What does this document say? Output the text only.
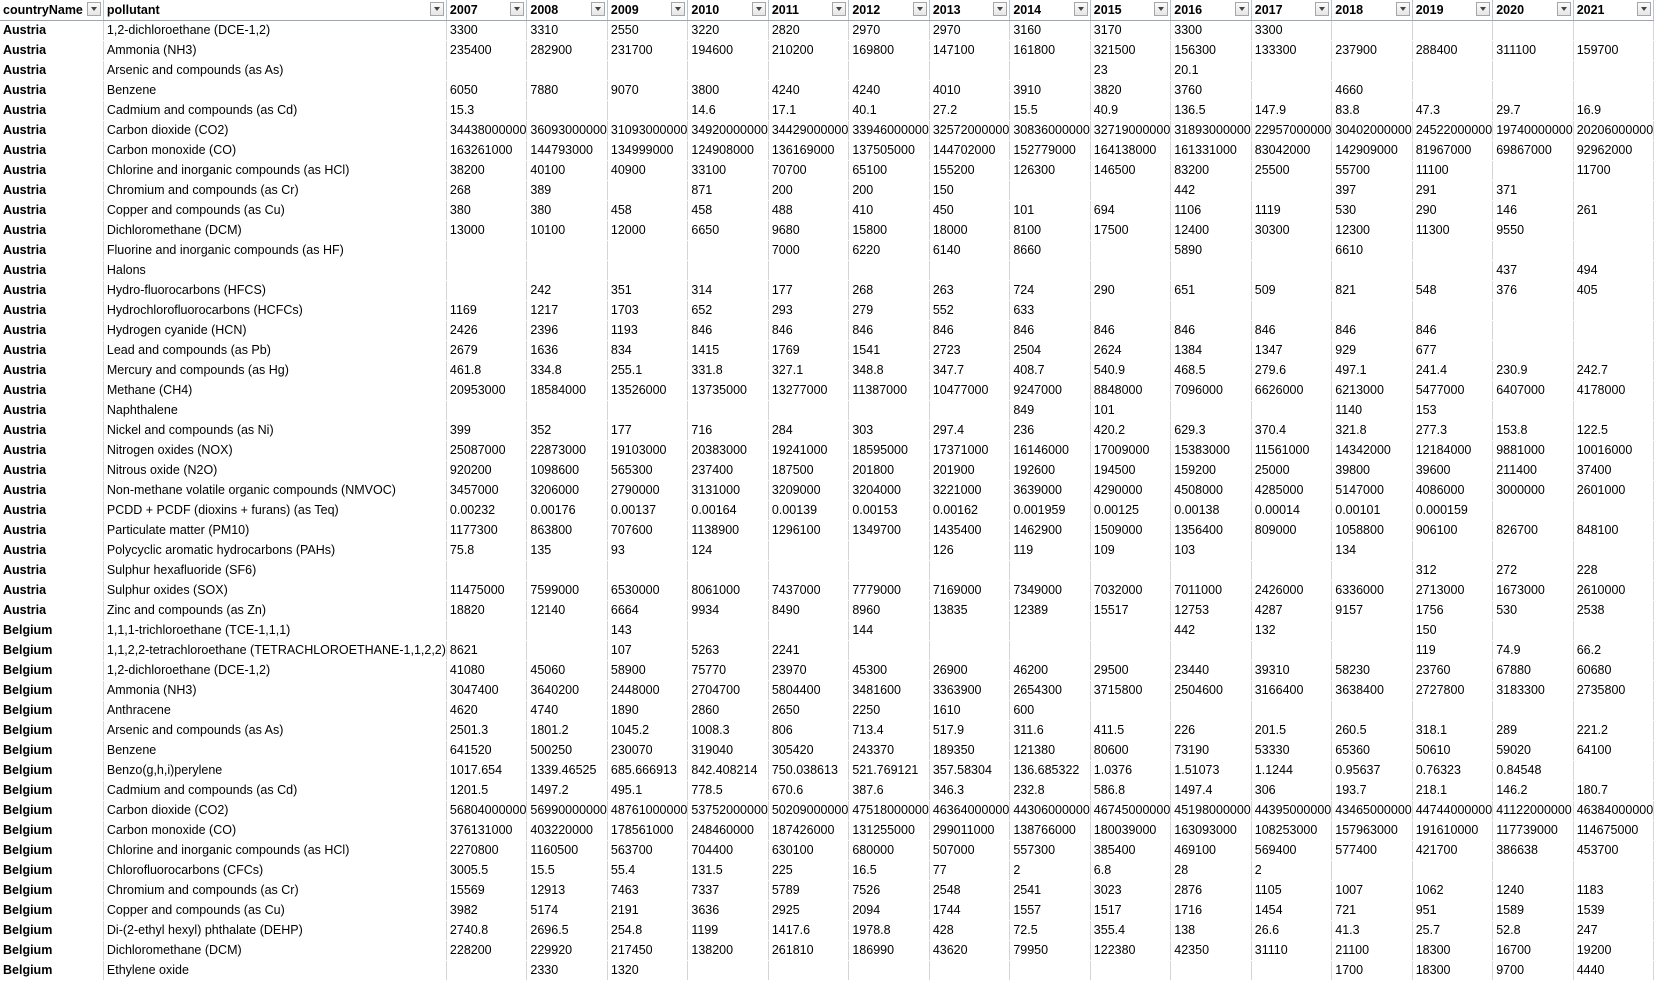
countryName	pollutant	2007	2008	2009	2010	2011	2012	2013	2014	2015	2016	2017	2018	2019	2020	2021

Austria	1,2-dichloroethane (DCE-1,2)	3300	3310	2550	3220	2820	2970	2970	3160	3170	3300	3300				
Austria	Ammonia (NH3)	235400	282900	231700	194600	210200	169800	147100	161800	321500	156300	133300	237900	288400	311100	159700
Austria	Arsenic and compounds (as As)									23	20.1					
Austria	Benzene	6050	7880	9070	3800	4240	4240	4010	3910	3820	3760		4660			
Austria	Cadmium and compounds (as Cd)	15.3			14.6	17.1	40.1	27.2	15.5	40.9	136.5	147.9	83.8	47.3	29.7	16.9
Austria	Carbon dioxide (CO2)	34438000000	36093000000	31093000000	34920000000	34429000000	33946000000	32572000000	30836000000	32719000000	31893000000	22957000000	30402000000	24522000000	19740000000	20206000000
Austria	Carbon monoxide (CO)	163261000	144793000	134999000	124908000	136169000	137505000	144702000	152779000	164138000	161331000	83042000	142909000	81967000	69867000	92962000
Austria	Chlorine and inorganic compounds (as HCl)	38200	40100	40900	33100	70700	65100	155200	126300	146500	83200	25500	55700	11100		11700
Austria	Chromium and compounds (as Cr)	268	389		871	200	200	150			442		397	291	371	
Austria	Copper and compounds (as Cu)	380	380	458	458	488	410	450	101	694	1106	1119	530	290	146	261
Austria	Dichloromethane (DCM)	13000	10100	12000	6650	9680	15800	18000	8100	17500	12400	30300	12300	11300	9550	
Austria	Fluorine and inorganic compounds (as HF)					7000	6220	6140	8660		5890		6610			
Austria	Halons														437	494
Austria	Hydro-fluorocarbons (HFCS)		242	351	314	177	268	263	724	290	651	509	821	548	376	405
Austria	Hydrochlorofluorocarbons (HCFCs)	1169	1217	1703	652	293	279	552	633							
Austria	Hydrogen cyanide (HCN)	2426	2396	1193	846	846	846	846	846	846	846	846	846	846		
Austria	Lead and compounds (as Pb)	2679	1636	834	1415	1769	1541	2723	2504	2624	1384	1347	929	677		
Austria	Mercury and compounds (as Hg)	461.8	334.8	255.1	331.8	327.1	348.8	347.7	408.7	540.9	468.5	279.6	497.1	241.4	230.9	242.7
Austria	Methane (CH4)	20953000	18584000	13526000	13735000	13277000	11387000	10477000	9247000	8848000	7096000	6626000	6213000	5477000	6407000	4178000
Austria	Naphthalene								849	101			1140	153		
Austria	Nickel and compounds (as Ni)	399	352	177	716	284	303	297.4	236	420.2	629.3	370.4	321.8	277.3	153.8	122.5
Austria	Nitrogen oxides (NOX)	25087000	22873000	19103000	20383000	19241000	18595000	17371000	16146000	17009000	15383000	11561000	14342000	12184000	9881000	10016000
Austria	Nitrous oxide (N2O)	920200	1098600	565300	237400	187500	201800	201900	192600	194500	159200	25000	39800	39600	211400	37400
Austria	Non-methane volatile organic compounds (NMVOC)	3457000	3206000	2790000	3131000	3209000	3204000	3221000	3639000	4290000	4508000	4285000	5147000	4086000	3000000	2601000
Austria	PCDD + PCDF (dioxins + furans) (as Teq)	0.00232	0.00176	0.00137	0.00164	0.00139	0.00153	0.00162	0.001959	0.00125	0.00138	0.00014	0.00101	0.000159		
Austria	Particulate matter (PM10)	1177300	863800	707600	1138900	1296100	1349700	1435400	1462900	1509000	1356400	809000	1058800	906100	826700	848100
Austria	Polycyclic aromatic hydrocarbons (PAHs)	75.8	135	93	124			126	119	109	103		134			
Austria	Sulphur hexafluoride (SF6)													312	272	228
Austria	Sulphur oxides (SOX)	11475000	7599000	6530000	8061000	7437000	7779000	7169000	7349000	7032000	7011000	2426000	6336000	2713000	1673000	2610000
Austria	Zinc and compounds (as Zn)	18820	12140	6664	9934	8490	8960	13835	12389	15517	12753	4287	9157	1756	530	2538
Belgium	1,1,1-trichloroethane (TCE-1,1,1)			143			144				442	132		150		
Belgium	1,1,2,2-tetrachloroethane (TETRACHLOROETHANE-1,1,2,2)	8621		107	5263	2241								119	74.9	66.2
Belgium	1,2-dichloroethane (DCE-1,2)	41080	45060	58900	75770	23970	45300	26900	46200	29500	23440	39310	58230	23760	67880	60680
Belgium	Ammonia (NH3)	3047400	3640200	2448000	2704700	5804400	3481600	3363900	2654300	3715800	2504600	3166400	3638400	2727800	3183300	2735800
Belgium	Anthracene	4620	4740	1890	2860	2650	2250	1610	600							
Belgium	Arsenic and compounds (as As)	2501.3	1801.2	1045.2	1008.3	806	713.4	517.9	311.6	411.5	226	201.5	260.5	318.1	289	221.2
Belgium	Benzene	641520	500250	230070	319040	305420	243370	189350	121380	80600	73190	53330	65360	50610	59020	64100
Belgium	Benzo(g,h,i)perylene	1017.654	1339.46525	685.666913	842.408214	750.038613	521.769121	357.58304	136.685322	1.0376	1.51073	1.1244	0.95637	0.76323	0.84548	
Belgium	Cadmium and compounds (as Cd)	1201.5	1497.2	495.1	778.5	670.6	387.6	346.3	232.8	586.8	1497.4	306	193.7	218.1	146.2	180.7
Belgium	Carbon dioxide (CO2)	56804000000	56990000000	48761000000	53752000000	50209000000	47518000000	46364000000	44306000000	46745000000	45198000000	44395000000	43465000000	44744000000	41122000000	46384000000
Belgium	Carbon monoxide (CO)	376131000	403220000	178561000	248460000	187426000	131255000	299011000	138766000	180039000	163093000	108253000	157963000	191610000	117739000	114675000
Belgium	Chlorine and inorganic compounds (as HCl)	2270800	1160500	563700	704400	630100	680000	507000	557300	385400	469100	569400	577400	421700	386638	453700
Belgium	Chlorofluorocarbons (CFCs)	3005.5	15.5	55.4	131.5	225	16.5	77	2	6.8	28	2				
Belgium	Chromium and compounds (as Cr)	15569	12913	7463	7337	5789	7526	2548	2541	3023	2876	1105	1007	1062	1240	1183
Belgium	Copper and compounds (as Cu)	3982	5174	2191	3636	2925	2094	1744	1557	1517	1716	1454	721	951	1589	1539
Belgium	Di-(2-ethyl hexyl) phthalate (DEHP)	2740.8	2696.5	254.8	1199	1417.6	1978.8	428	72.5	355.4	138	26.6	41.3	25.7	52.8	247
Belgium	Dichloromethane (DCM)	228200	229920	217450	138200	261810	186990	43620	79950	122380	42350	31110	21100	18300	16700	19200
Belgium	Ethylene oxide		2330	1320									1700	18300	9700	4440
